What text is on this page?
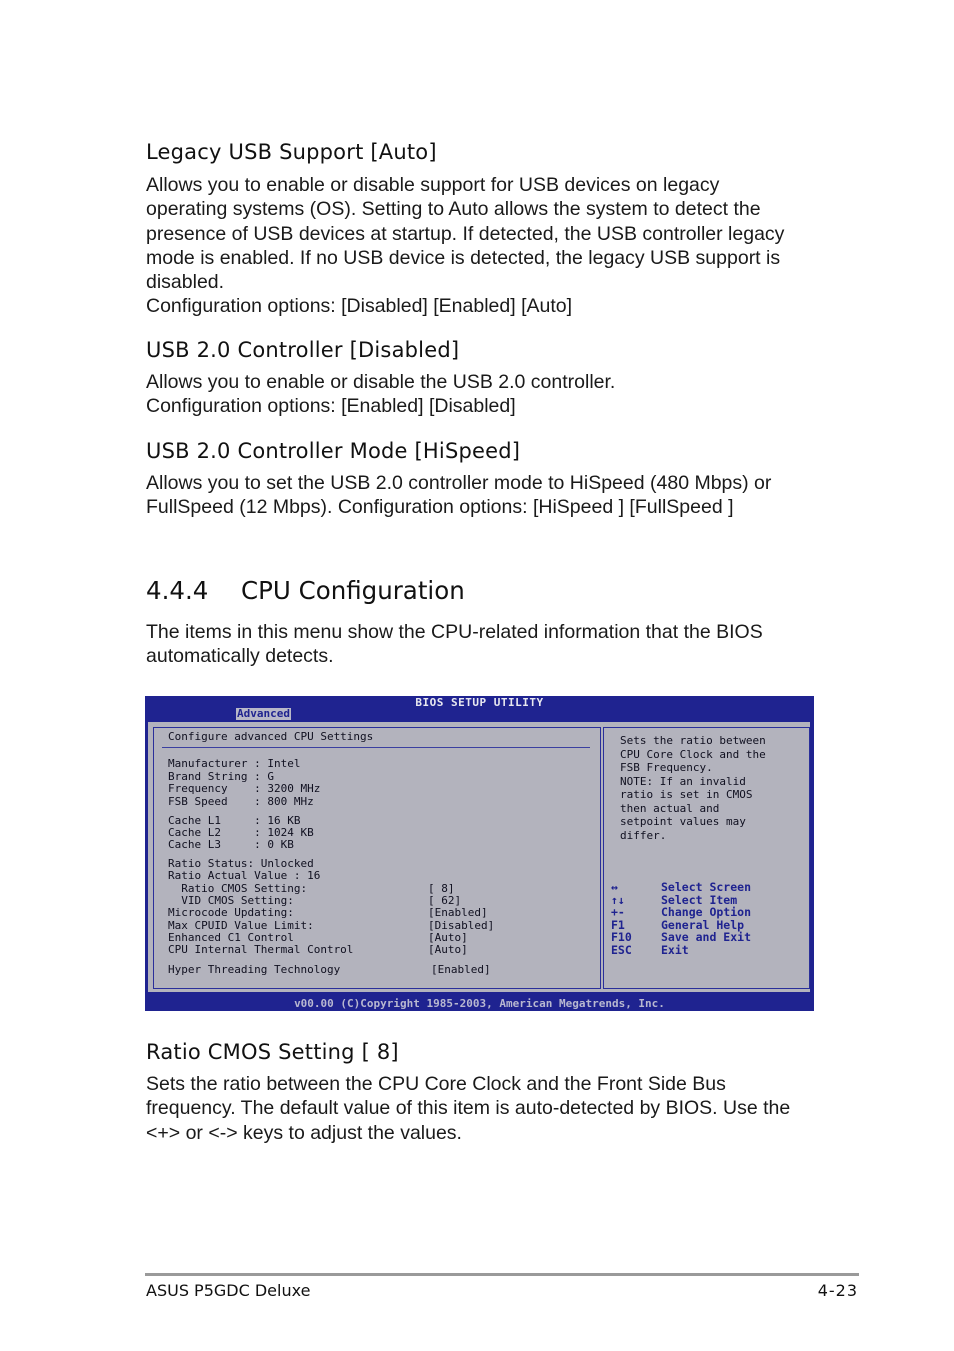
Legacy USB Support [Auto]

Allows you to enable or disable support for USB devices on legacy
operating systems (OS). Setting to Auto allows the system to detect the
presence of USB devices at startup. If detected, the USB controller legacy
mode is enabled. If no USB device is detected, the legacy USB support is
disabled.
Configuration options: [Disabled] [Enabled] [Auto]

USB 2.0 Controller [Disabled]

Allows you to enable or disable the USB 2.0 controller.
Configuration options: [Enabled] [Disabled]

USB 2.0 Controller Mode [HiSpeed]

Allows you to set the USB 2.0 controller mode to HiSpeed (480 Mbps) or
FullSpeed (12 Mbps). Configuration options: [HiSpeed ] [FullSpeed ]

4.4.4 CPU Configuration

The items in this menu show the CPU-related information that the BIOS
automatically detects.

BIOS SETUP UTILITY
Advanced
Configure advanced CPU Settings
Manufacturer : Intel
Brand String : G
Frequency    : 3200 MHz
FSB Speed    : 800 MHz
Cache L1     : 16 KB
Cache L2     : 1024 KB
Cache L3     : 0 KB
Ratio Status: Unlocked
Ratio Actual Value : 16
Ratio CMOS Setting:	[ 8]
VID CMOS Setting:	[ 62]
Microcode Updating:	[Enabled]
Max CPUID Value Limit:	[Disabled]
Enhanced C1 Control	[Auto]
CPU Internal Thermal Control	[Auto]
Hyper Threading Technology	[Enabled]
Sets the ratio between
CPU Core Clock and the
FSB Frequency.
NOTE: If an invalid
ratio is set in CMOS
then actual and
setpoint values may
differ.
↔	Select Screen
↑↓	Select Item
+-	Change Option
F1	General Help
F10	Save and Exit
ESC	Exit
v00.00 (C)Copyright 1985-2003, American Megatrends, Inc.
Ratio CMOS Setting [ 8]

Sets the ratio between the CPU Core Clock and the Front Side Bus
frequency. The default value of this item is auto-detected by BIOS. Use the
<+> or <-> keys to adjust the values.

ASUS P5GDC Deluxe	4-23
